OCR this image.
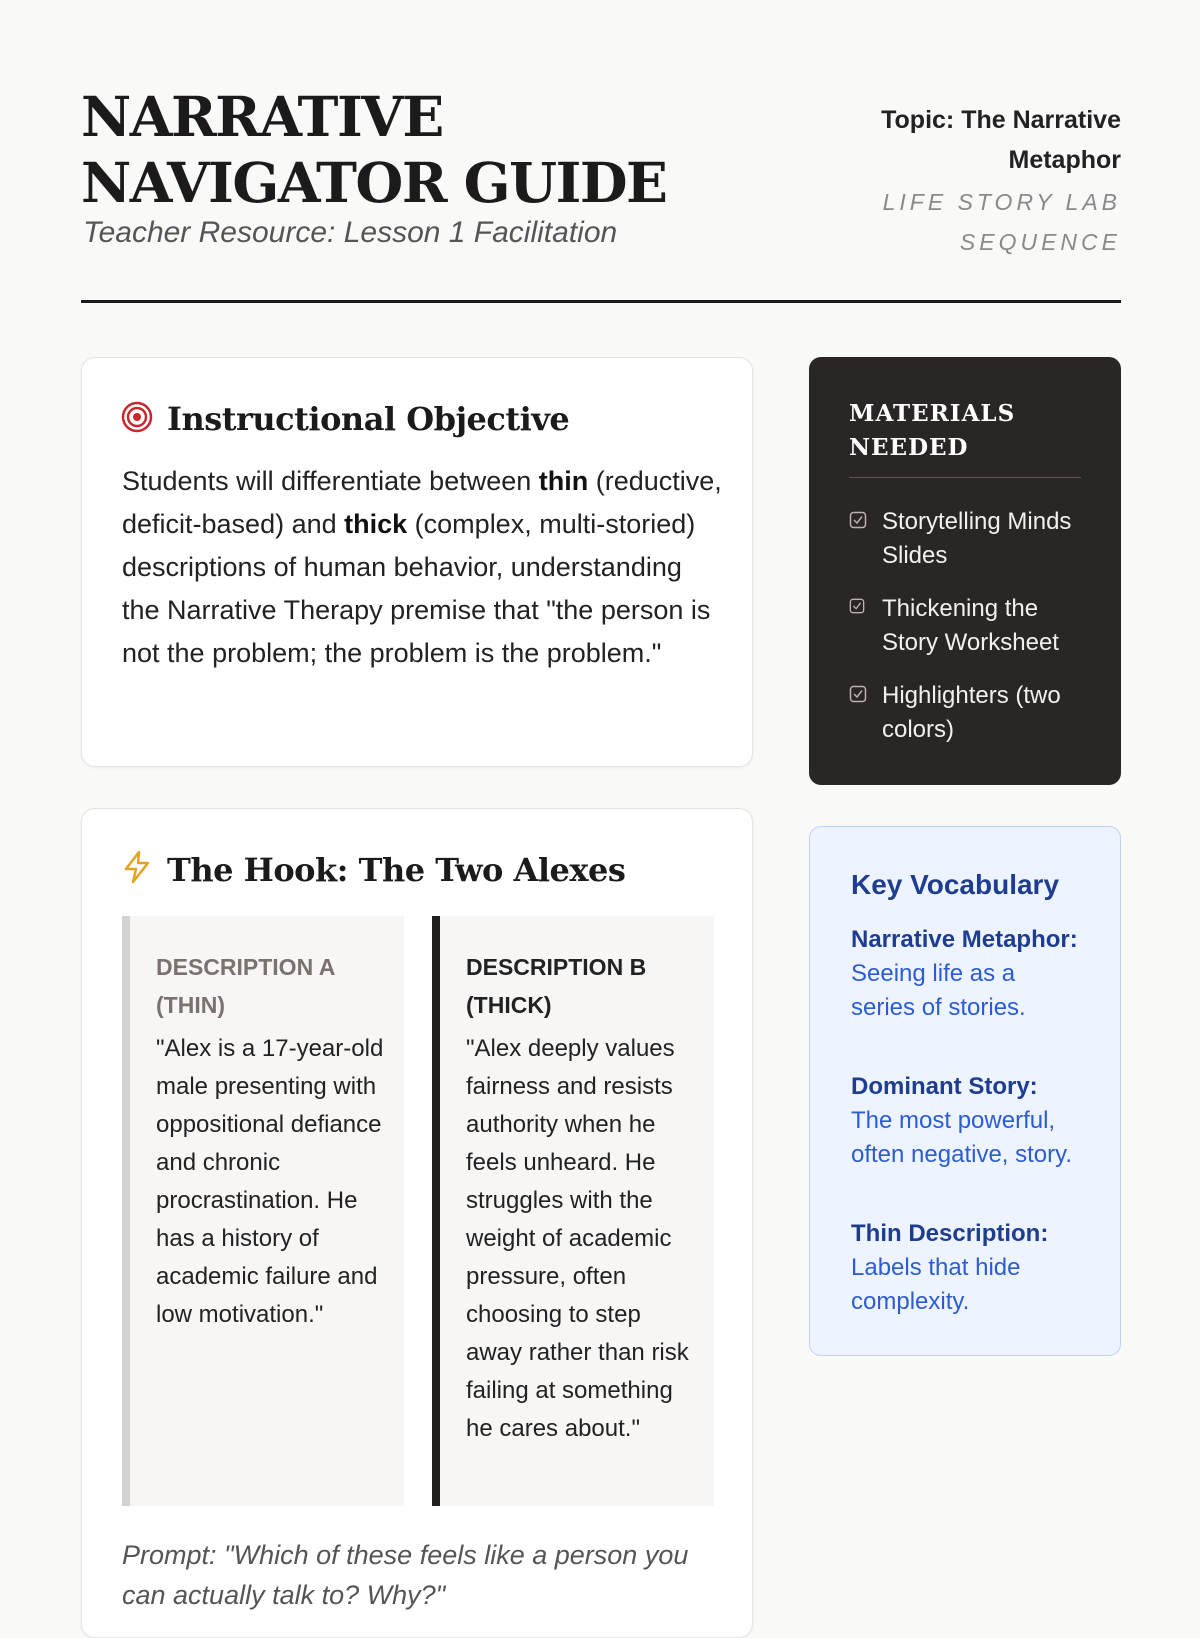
NARRATIVE NAVIGATOR GUIDE
Teacher Resource: Lesson 1 Facilitation
Topic: The Narrative Metaphor
LIFE STORY LAB SEQUENCE
Instructional Objective
Students will differentiate between thin (reductive, deficit-based) and thick (complex, multi-storied) descriptions of human behavior, understanding the Narrative Therapy premise that "the person is not the problem; the problem is the problem."
The Hook: The Two Alexes
DESCRIPTION A (THIN)
"Alex is a 17-year-old male presenting with oppositional defiance and chronic procrastination. He has a history of academic failure and low motivation."
DESCRIPTION B (THICK)
"Alex deeply values fairness and resists authority when he feels unheard. He struggles with the weight of academic pressure, often choosing to step away rather than risk failing at something he cares about."
Prompt: "Which of these feels like a person you can actually talk to? Why?"
MATERIALS NEEDED
Storytelling Minds Slides
Thickening the Story Worksheet
Highlighters (two colors)
Key Vocabulary
Narrative Metaphor: Seeing life as a series of stories.
Dominant Story: The most powerful, often negative, story.
Thin Description: Labels that hide complexity.
